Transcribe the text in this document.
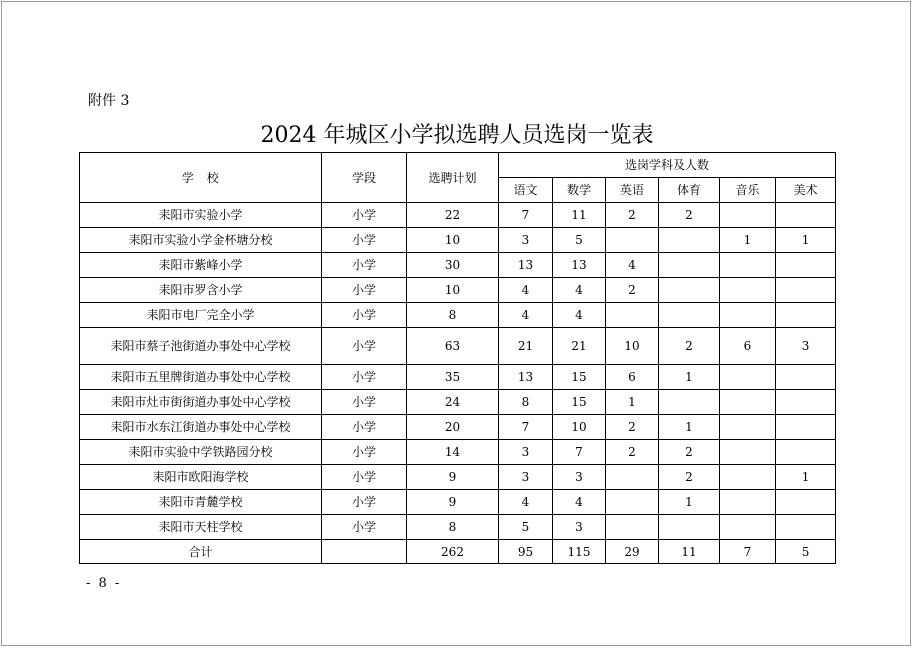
附件 3
2024 年城区小学拟选聘人员选岗一览表
学　校	学段	选聘计划	选岗学科及人数					
			语文	数学	英语	体育	音乐	美术
耒阳市实验小学	小学	22	7	11	2	2		
耒阳市实验小学金杯塘分校	小学	10	3	5			1	1
耒阳市紫峰小学	小学	30	13	13	4			
耒阳市罗含小学	小学	10	4	4	2			
耒阳市电厂完全小学	小学	8	4	4				
耒阳市蔡子池街道办事处中心学校	小学	63	21	21	10	2	6	3
耒阳市五里牌街道办事处中心学校	小学	35	13	15	6	1		
耒阳市灶市街街道办事处中心学校	小学	24	8	15	1			
耒阳市水东江街道办事处中心学校	小学	20	7	10	2	1		
耒阳市实验中学铁路园分校	小学	14	3	7	2	2		
耒阳市欧阳海学校	小学	9	3	3		2		1
耒阳市青麓学校	小学	9	4	4		1		
耒阳市天柱学校	小学	8	5	3				
合计		262	95	115	29	11	7	5
- 8 -
